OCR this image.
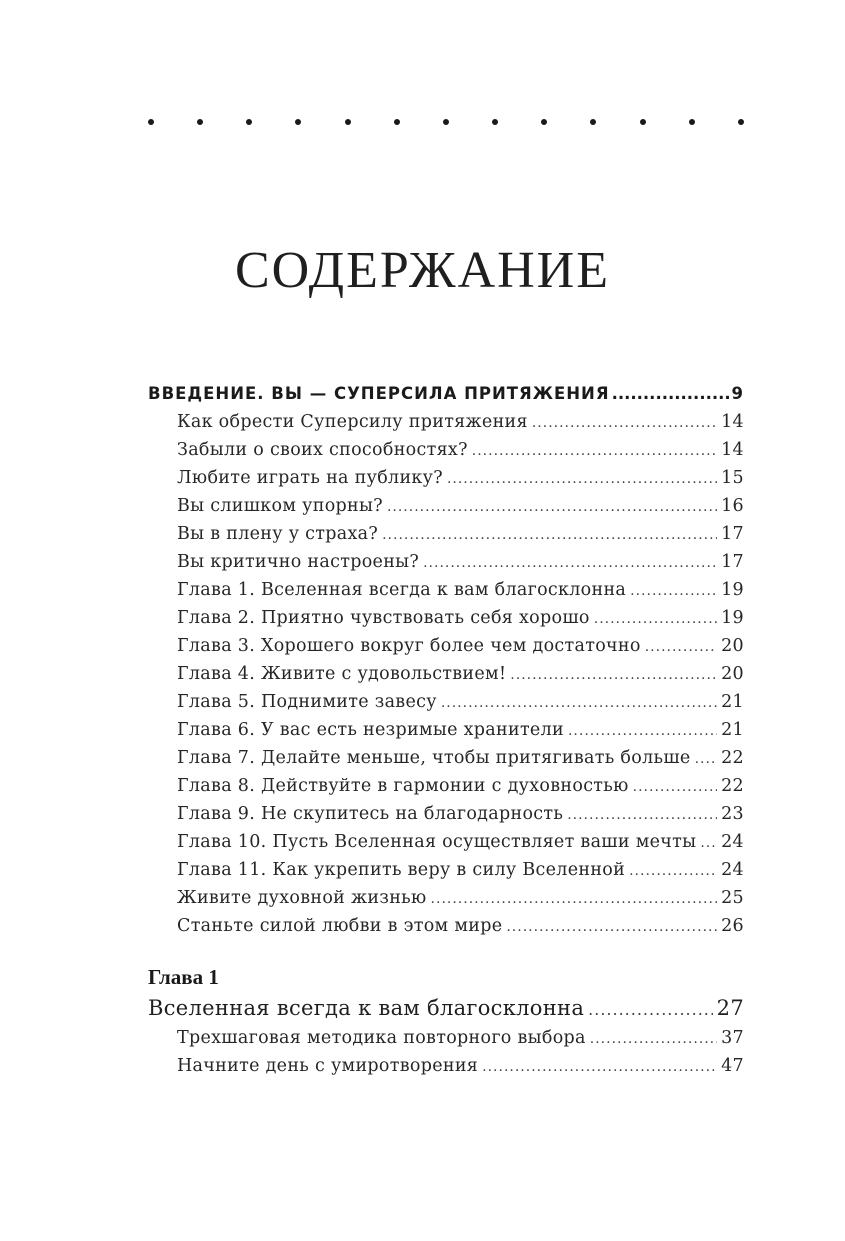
СОДЕРЖАНИЕ
ВВЕДЕНИЕ. ВЫ — СУПЕРСИЛА ПРИТЯЖЕНИЯ .....	9
Как обрести Суперсилу притяжения .....	14
Забыли о своих способностях? .....	14
Любите играть на публику? .....	15
Вы слишком упорны? .....	16
Вы в плену у страха? .....	17
Вы критично настроены? .....	17
Глава 1. Вселенная всегда к вам благосклонна .....	19
Глава 2. Приятно чувствовать себя хорошо .....	19
Глава 3. Хорошего вокруг более чем достаточно .....	20
Глава 4. Живите с удовольствием! .....	20
Глава 5. Поднимите завесу .....	21
Глава 6. У вас есть незримые хранители .....	21
Глава 7. Делайте меньше, чтобы притягивать больше ..... 22
Глава 8. Действуйте в гармонии с духовностью .....	22
Глава 9. Не скупитесь на благодарность .....	23
Глава 10. Пусть Вселенная осуществляет ваши мечты ..... 24
Глава 11. Как укрепить веру в силу Вселенной .....	24
Живите духовной жизнью .....	25
Станьте силой любви в этом мире .....	26
Глава 1
Вселенная всегда к вам благосклонна .....	27
Трехшаговая методика повторного выбора .....	37
Начните день с умиротворения .....	47
